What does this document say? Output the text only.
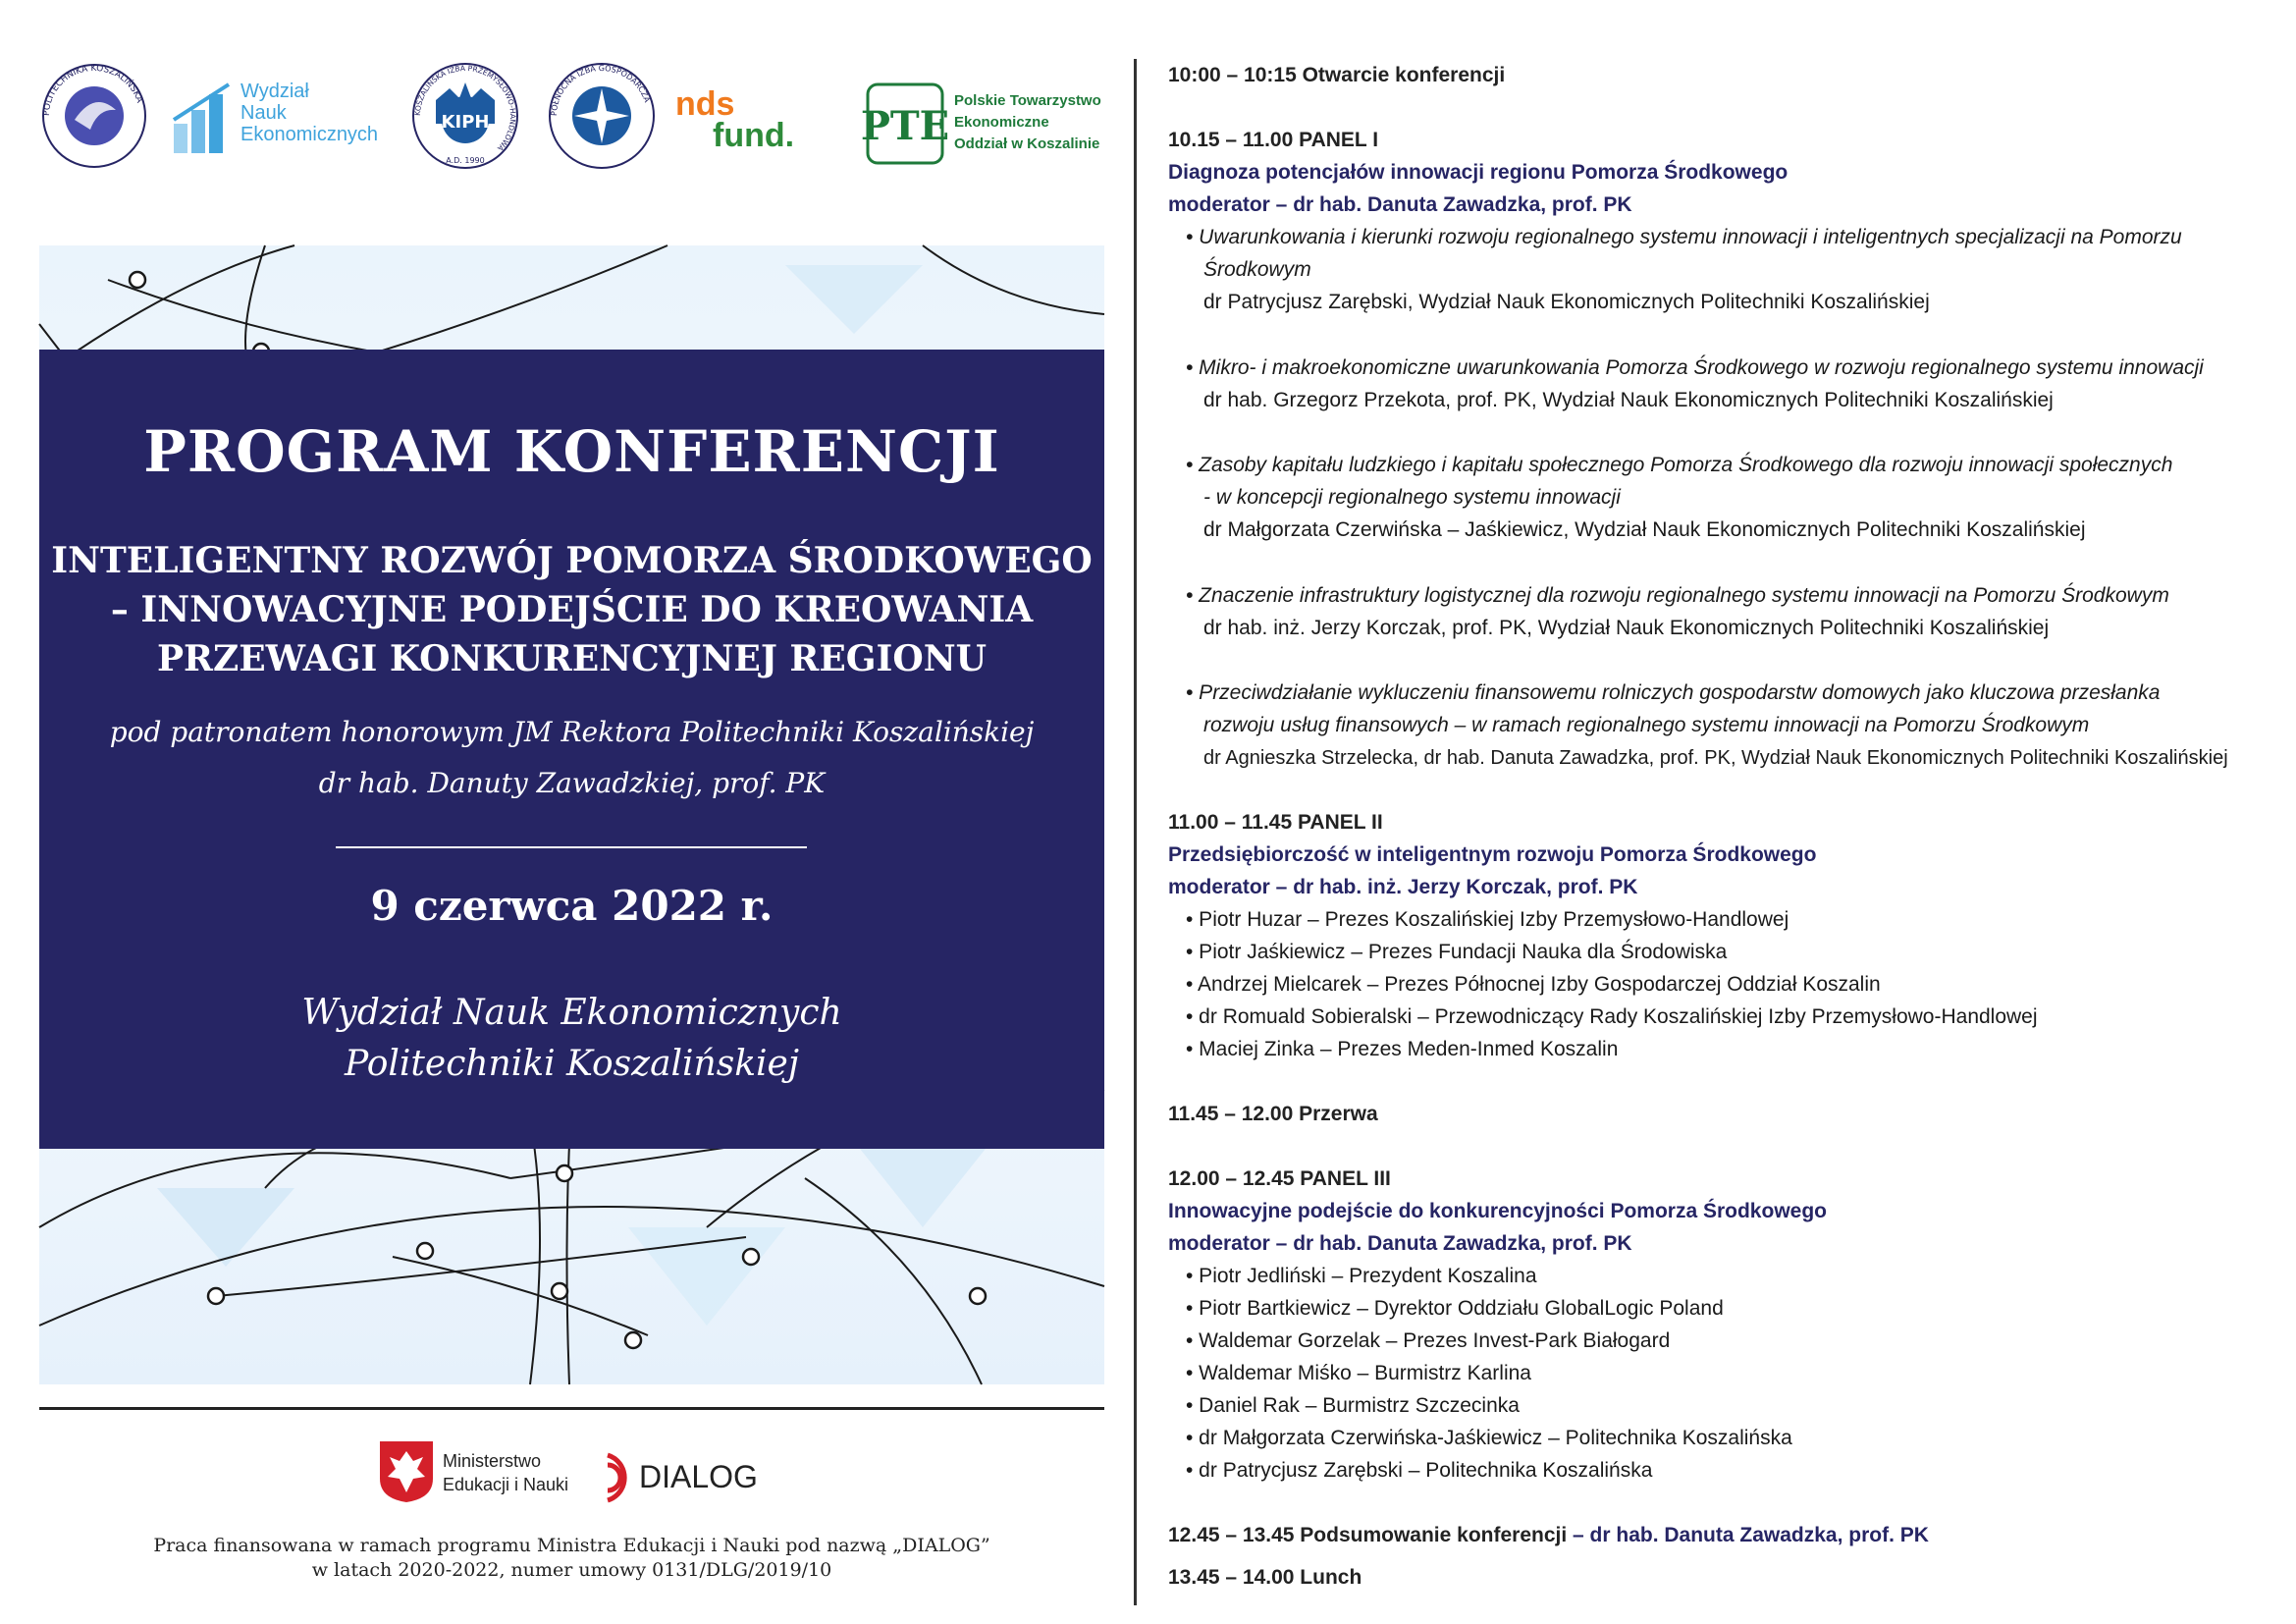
POLITECHNIKA KOSZALIŃSKA	Wydział
Nauk
Ekonomicznych
KIPH
KOSZALIŃSKA IZBA PRZEMYSŁOWO-HANDLOWA
A.D. 1990
PÓŁNOCNA IZBA GOSPODARCZA nds
fund. PTE
Polskie Towarzystwo
Ekonomiczne
Oddział w Koszalinie
PROGRAM KONFERENCJI
INTELIGENTNY ROZWÓJ POMORZA ŚRODKOWEGO
– INNOWACYJNE PODEJŚCIE DO KREOWANIA
PRZEWAGI KONKURENCYJNEJ REGIONU
pod patronatem honorowym JM Rektora Politechniki Koszalińskiej
dr hab. Danuty Zawadzkiej, prof. PK
9 czerwca 2022 r.
Wydział Nauk Ekonomicznych
Politechniki Koszalińskiej
Ministerstwo
Edukacji i Nauki DIALOG
Praca finansowana w ramach programu Ministra Edukacji i Nauki pod nazwą „DIALOG”
w latach 2020-2022, numer umowy 0131/DLG/2019/10
10:00 – 10:15 Otwarcie konferencji
10.15 – 11.00 PANEL I
Diagnoza potencjałów innowacji regionu Pomorza Środkowego
moderator – dr hab. Danuta Zawadzka, prof. PK
• Uwarunkowania i kierunki rozwoju regionalnego systemu innowacji i inteligentnych specjalizacji na Pomorzu
Środkowym
dr Patrycjusz Zarębski, Wydział Nauk Ekonomicznych Politechniki Koszalińskiej
• Mikro- i makroekonomiczne uwarunkowania Pomorza Środkowego w rozwoju regionalnego systemu innowacji
dr hab. Grzegorz Przekota, prof. PK, Wydział Nauk Ekonomicznych Politechniki Koszalińskiej
• Zasoby kapitału ludzkiego i kapitału społecznego Pomorza Środkowego dla rozwoju innowacji społecznych
- w koncepcji regionalnego systemu innowacji
dr Małgorzata Czerwińska – Jaśkiewicz, Wydział Nauk Ekonomicznych Politechniki Koszalińskiej
• Znaczenie infrastruktury logistycznej dla rozwoju regionalnego systemu innowacji na Pomorzu Środkowym
dr hab. inż. Jerzy Korczak, prof. PK, Wydział Nauk Ekonomicznych Politechniki Koszalińskiej
• Przeciwdziałanie wykluczeniu finansowemu rolniczych gospodarstw domowych jako kluczowa przesłanka
rozwoju usług finansowych – w ramach regionalnego systemu innowacji na Pomorzu Środkowym
dr Agnieszka Strzelecka, dr hab. Danuta Zawadzka, prof. PK, Wydział Nauk Ekonomicznych Politechniki Koszalińskiej
11.00 – 11.45 PANEL II
Przedsiębiorczość w inteligentnym rozwoju Pomorza Środkowego
moderator – dr hab. inż. Jerzy Korczak, prof. PK
• Piotr Huzar – Prezes Koszalińskiej Izby Przemysłowo-Handlowej
• Piotr Jaśkiewicz – Prezes Fundacji Nauka dla Środowiska
• Andrzej Mielcarek – Prezes Północnej Izby Gospodarczej Oddział Koszalin
• dr Romuald Sobieralski – Przewodniczący Rady Koszalińskiej Izby Przemysłowo-Handlowej
• Maciej Zinka – Prezes Meden-Inmed Koszalin
11.45 – 12.00 Przerwa
12.00 – 12.45 PANEL III
Innowacyjne podejście do konkurencyjności Pomorza Środkowego
moderator – dr hab. Danuta Zawadzka, prof. PK
• Piotr Jedliński – Prezydent Koszalina
• Piotr Bartkiewicz – Dyrektor Oddziału GlobalLogic Poland
• Waldemar Gorzelak – Prezes Invest-Park Białogard
• Waldemar Miśko – Burmistrz Karlina
• Daniel Rak – Burmistrz Szczecinka
• dr Małgorzata Czerwińska-Jaśkiewicz – Politechnika Koszalińska
• dr Patrycjusz Zarębski – Politechnika Koszalińska
12.45 – 13.45 Podsumowanie konferencji – dr hab. Danuta Zawadzka, prof. PK
13.45 – 14.00 Lunch
